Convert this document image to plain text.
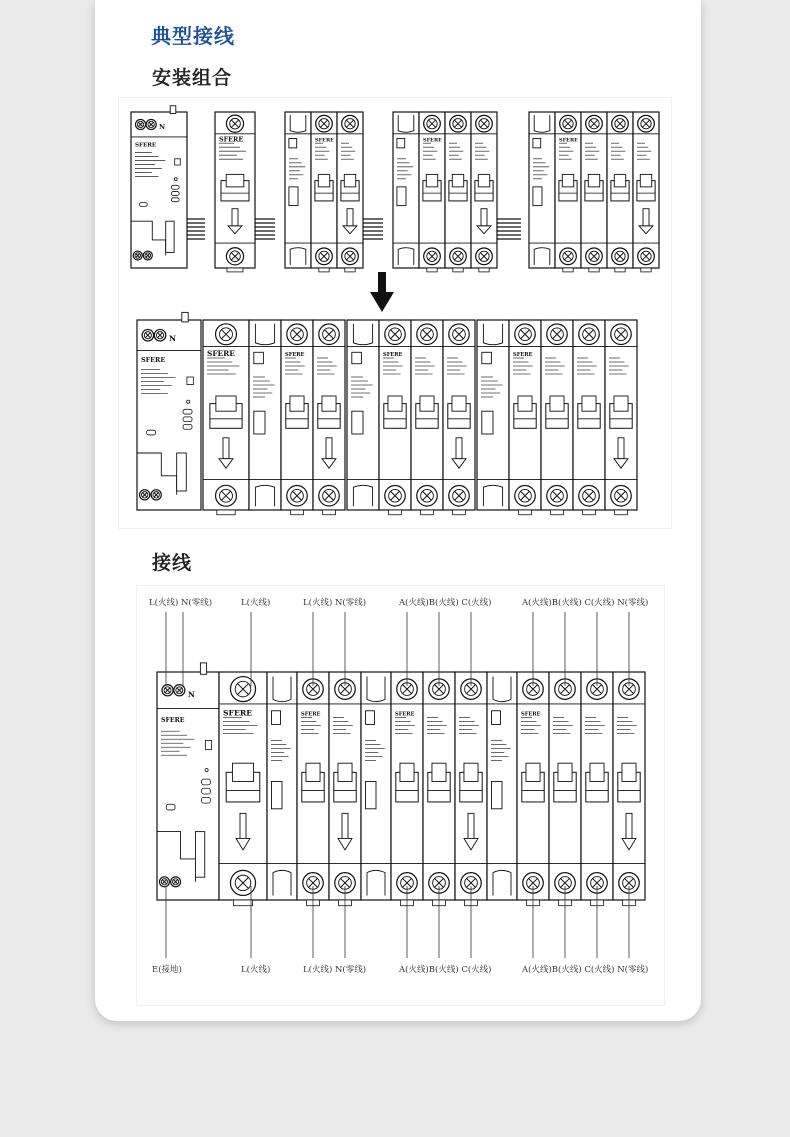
典型接线
安装组合
N
SFERE
SFERE	SFERE	SFERE	SFERE
N
SFERE
SFERE	SFERE	SFERE	SFERE
接线
L(火线) N(零线)	L(火线)	L(火线) N(零线)	A(火线)B(火线) C(火线)	A(火线)B(火线) C(火线) N(零线)
E(接地)	L(火线)	L(火线) N(零线)	A(火线)B(火线) C(火线)	A(火线)B(火线) C(火线) N(零线)
N
SFERE
SFERE	SFERE	SFERE	SFERE
